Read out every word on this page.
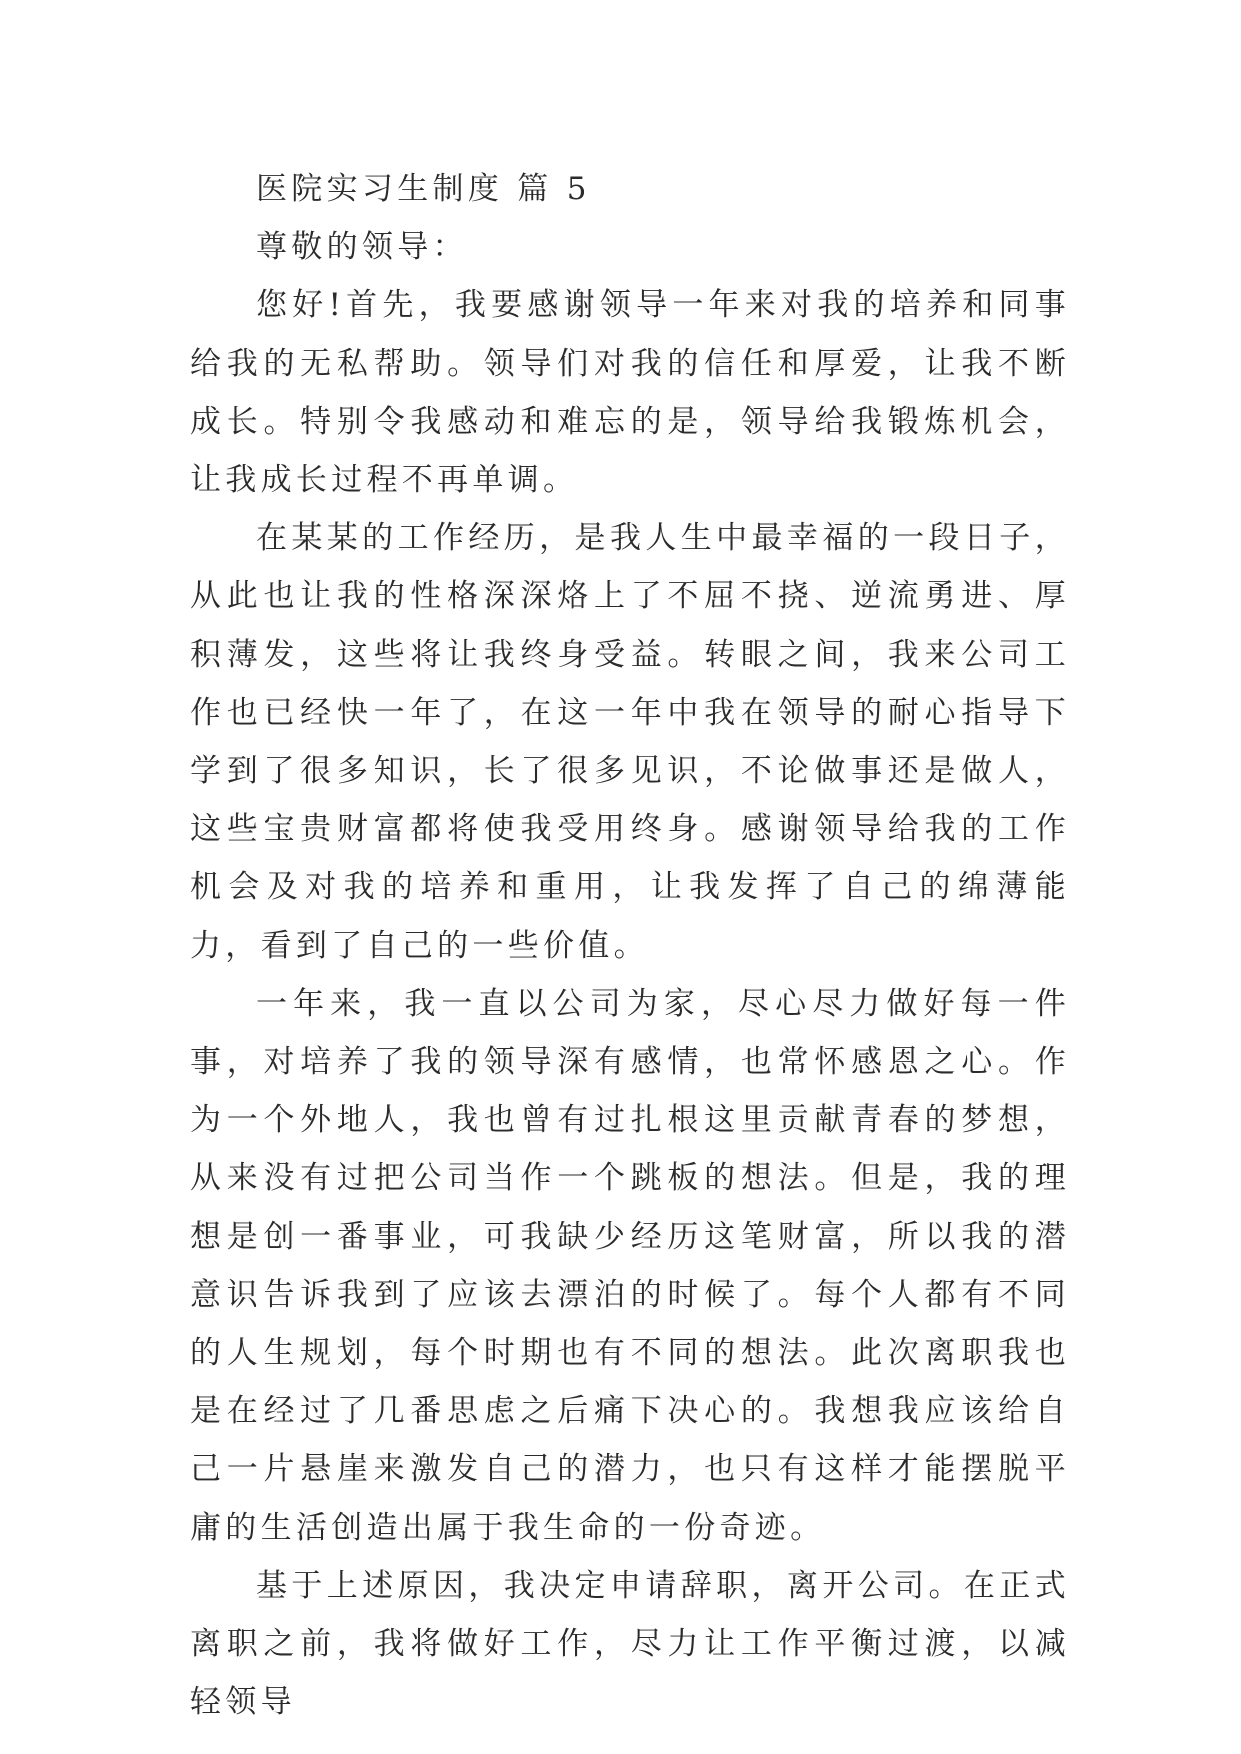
医院实习生制度 篇 5

尊敬的领导：

您好!首先，我要感谢领导一年来对我的培养和同事给我的无私帮助。领导们对我的信任和厚爱，让我不断成长。特别令我感动和难忘的是，领导给我锻炼机会，让我成长过程不再单调。

在某某的工作经历，是我人生中最幸福的一段日子，从此也让我的性格深深烙上了不屈不挠、逆流勇进、厚积薄发，这些将让我终身受益。转眼之间，我来公司工作也已经快一年了，在这一年中我在领导的耐心指导下学到了很多知识，长了很多见识，不论做事还是做人，这些宝贵财富都将使我受用终身。感谢领导给我的工作机会及对我的培养和重用，让我发挥了自己的绵薄能力，看到了自己的一些价值。

一年来，我一直以公司为家，尽心尽力做好每一件事，对培养了我的领导深有感情，也常怀感恩之心。作为一个外地人，我也曾有过扎根这里贡献青春的梦想，从来没有过把公司当作一个跳板的想法。但是，我的理想是创一番事业，可我缺少经历这笔财富，所以我的潜意识告诉我到了应该去漂泊的时候了。每个人都有不同的人生规划，每个时期也有不同的想法。此次离职我也是在经过了几番思虑之后痛下决心的。我想我应该给自己一片悬崖来激发自己的潜力，也只有这样才能摆脱平庸的生活创造出属于我生命的一份奇迹。

基于上述原因，我决定申请辞职，离开公司。在正式离职之前，我将做好工作，尽力让工作平衡过渡，以减轻领导
